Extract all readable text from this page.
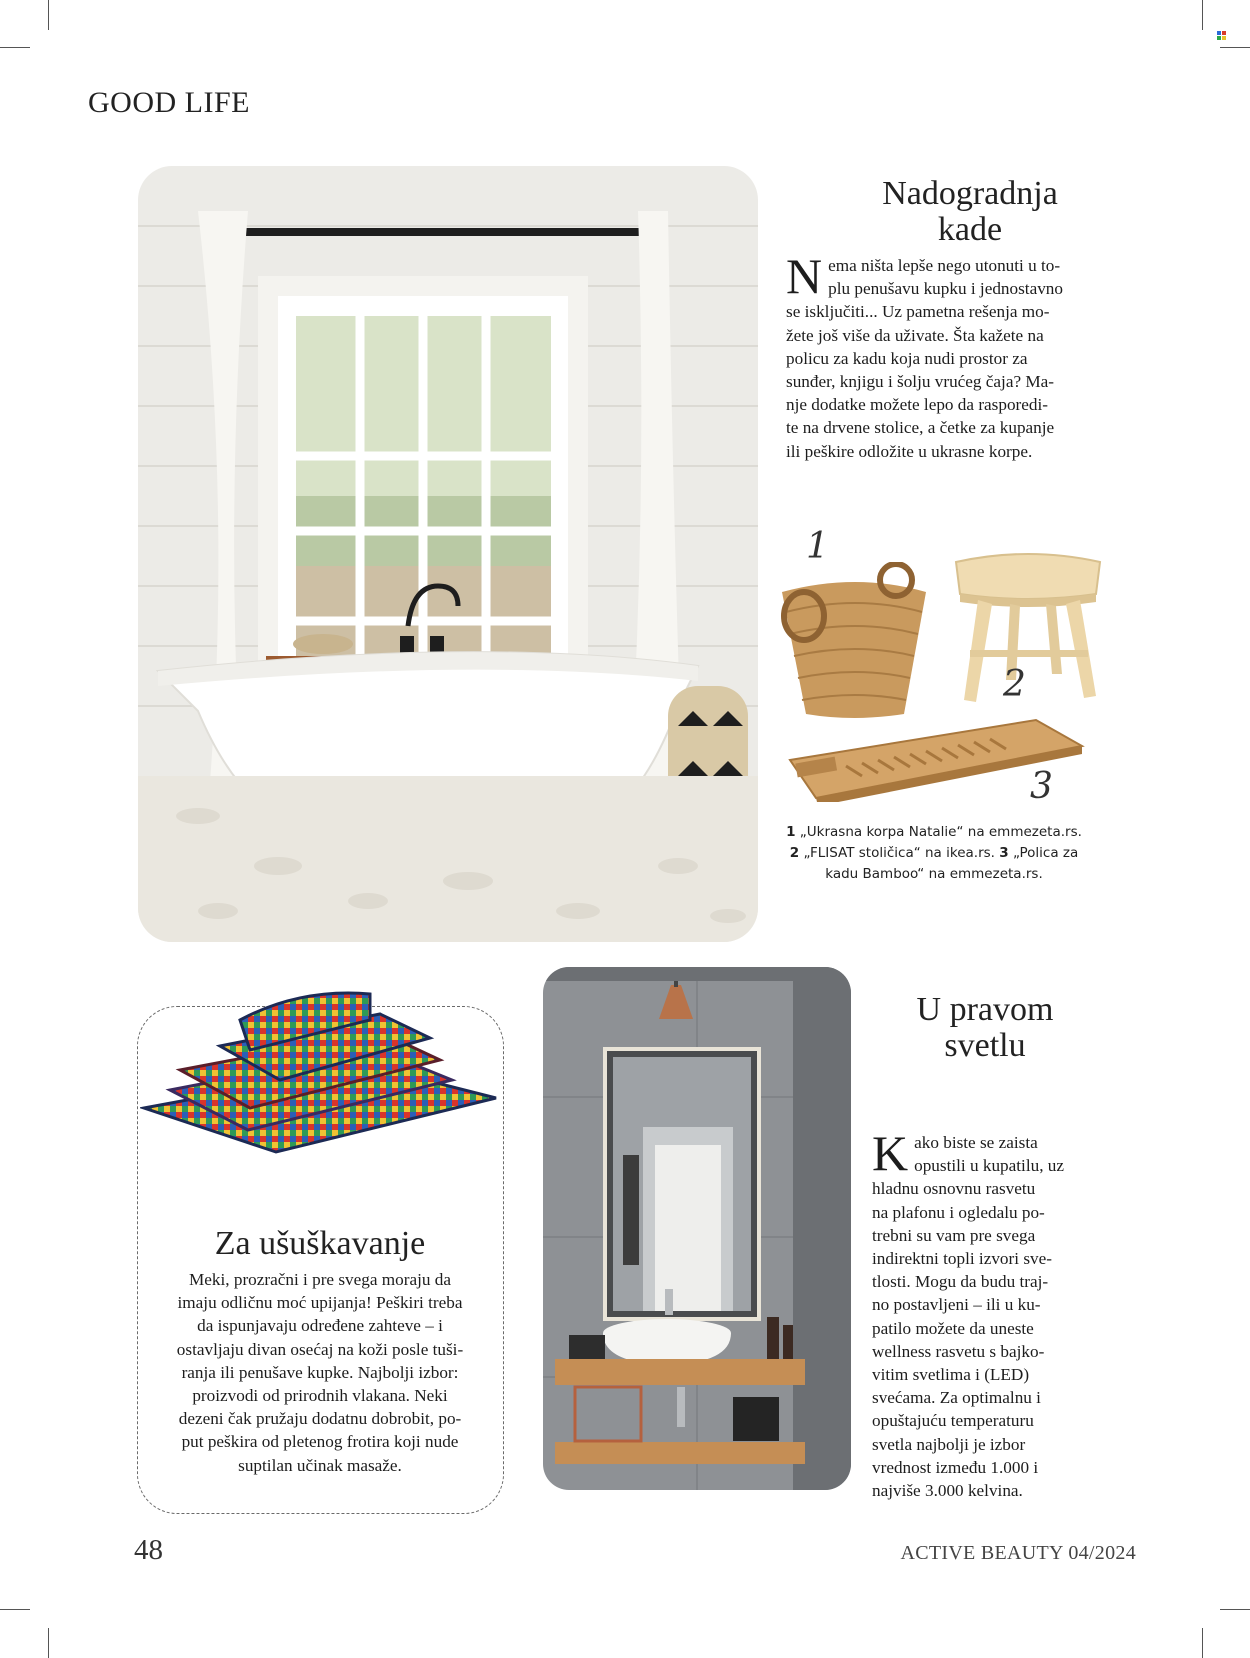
GOOD LIFE
Nadogradnja
kade
N ema ništa lepše nego utonuti u to-
plu penušavu kupku i jednostavno
se isključiti... Uz pametna rešenja mo-
žete još više da uživate. Šta kažete na
policu za kadu koja nudi prostor za
sunđer, knjigu i šolju vrućeg čaja? Ma-
nje dodatke možete lepo da rasporedi-
te na drvene stolice, a četke za kupanje
ili peškire odložite u ukrasne korpe.
1
2
3
1 „Ukrasna korpa Natalie“ na emmezeta.rs.
2 „FLISAT stoličica“ na ikea.rs. 3 „Polica za
kadu Bamboo“ na emmezeta.rs.
Za ušuškavanje
Meki, prozračni i pre svega moraju da
imaju odličnu moć upijanja! Peškiri treba
da ispunjavaju određene zahteve – i
ostavljaju divan osećaj na koži posle tuši-
ranja ili penušave kupke. Najbolji izbor:
proizvodi od prirodnih vlakana. Neki
dezeni čak pružaju dodatnu dobrobit, po-
put peškira od pletenog frotira koji nude
suptilan učinak masaže.
U pravom
svetlu
K ako biste se zaista
opustili u kupatilu, uz
hladnu osnovnu rasvetu
na plafonu i ogledalu po-
trebni su vam pre svega
indirektni topli izvori sve-
tlosti. Mogu da budu traj-
no postavljeni – ili u ku-
patilo možete da uneste
wellness rasvetu s bajko-
vitim svetlima i (LED)
svećama. Za optimalnu i
opuštajuću temperaturu
svetla najbolji je izbor
vrednost između 1.000 i
najviše 3.000 kelvina.
48	ACTIVE BEAUTY 04/2024
